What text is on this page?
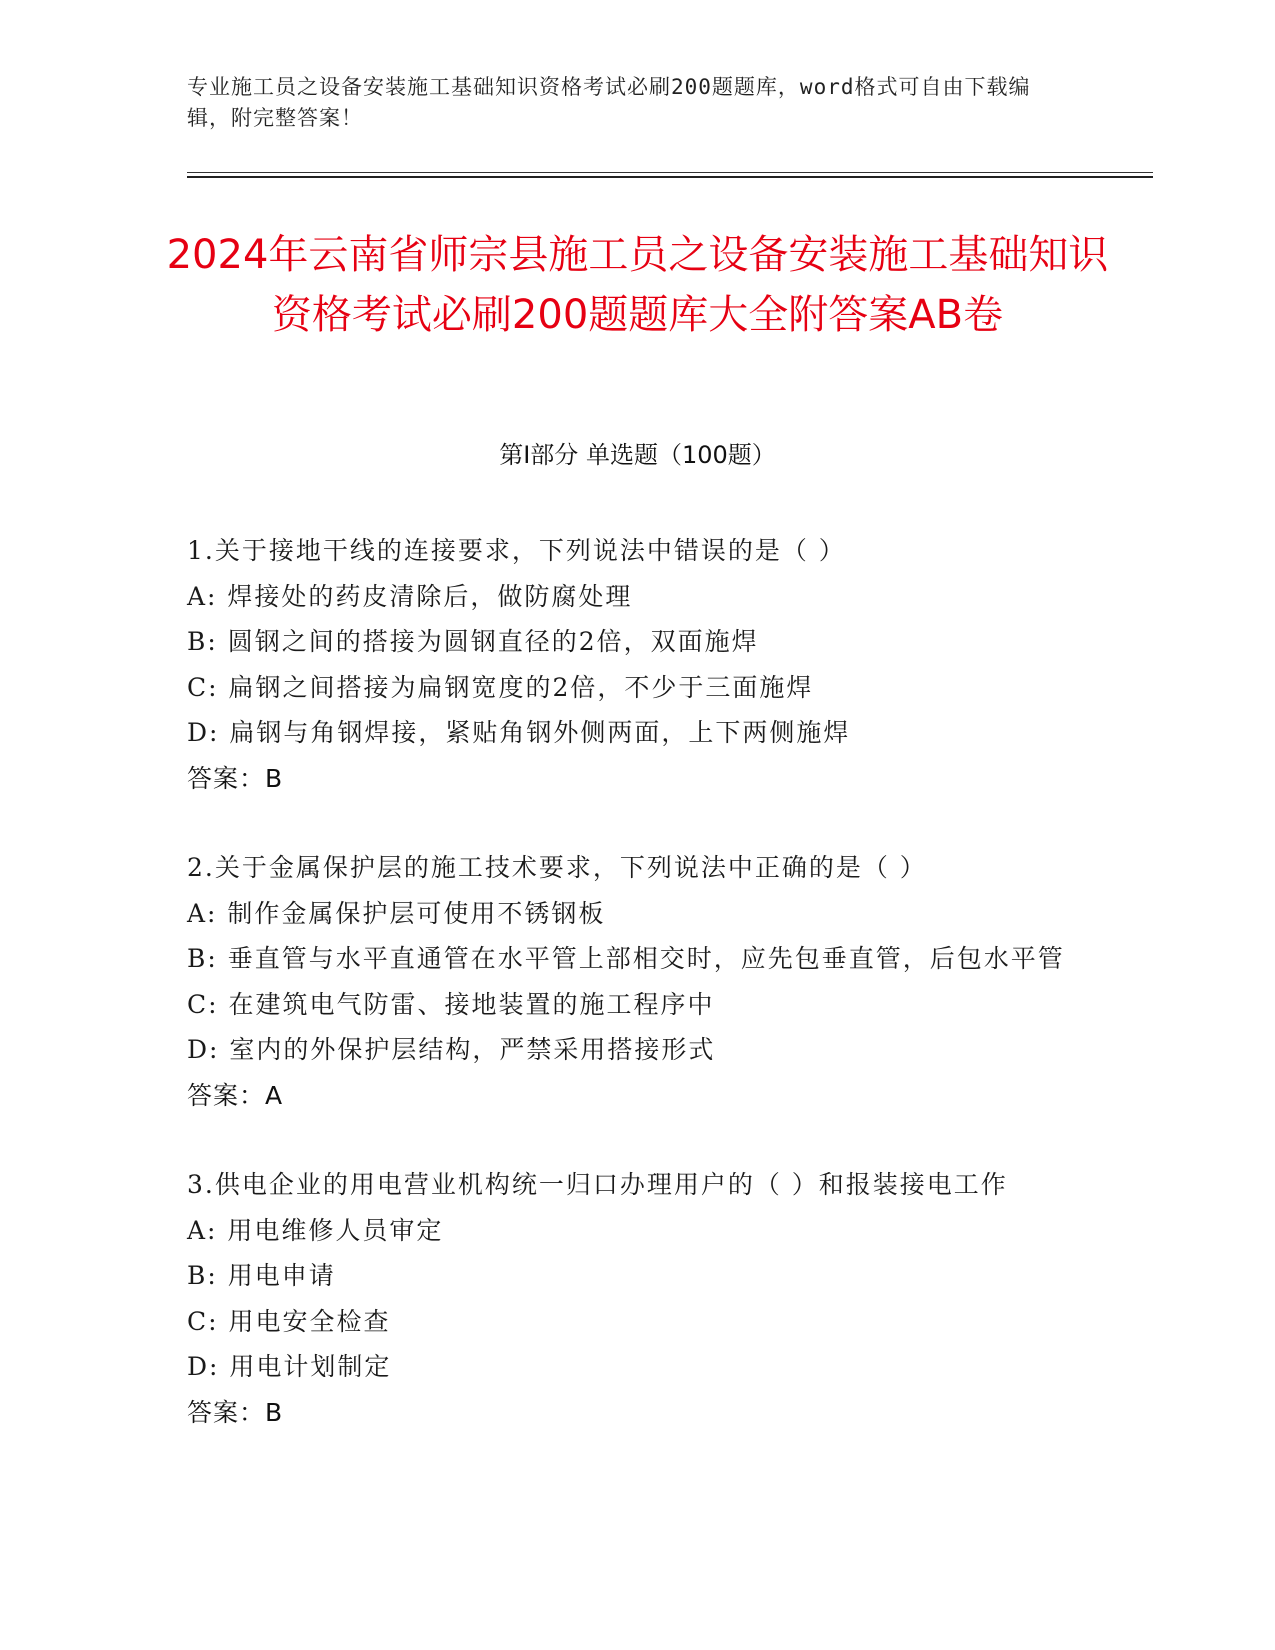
专业施工员之设备安装施工基础知识资格考试必刷200题题库，word格式可自由下载编辑，附完整答案！
2024年云南省师宗县施工员之设备安装施工基础知识资格考试必刷200题题库大全附答案AB卷
第Ⅰ部分 单选题（100题）
1.关于接地干线的连接要求，下列说法中错误的是（ ）
A: 焊接处的药皮清除后，做防腐处理
B: 圆钢之间的搭接为圆钢直径的2倍，双面施焊
C: 扁钢之间搭接为扁钢宽度的2倍，不少于三面施焊
D: 扁钢与角钢焊接，紧贴角钢外侧两面，上下两侧施焊
答案：B
2.关于金属保护层的施工技术要求，下列说法中正确的是（ ）
A: 制作金属保护层可使用不锈钢板
B: 垂直管与水平直通管在水平管上部相交时，应先包垂直管，后包水平管
C: 在建筑电气防雷、接地装置的施工程序中
D: 室内的外保护层结构，严禁采用搭接形式
答案：A
3.供电企业的用电营业机构统一归口办理用户的（ ）和报装接电工作
A: 用电维修人员审定
B: 用电申请
C: 用电安全检查
D: 用电计划制定
答案：B
